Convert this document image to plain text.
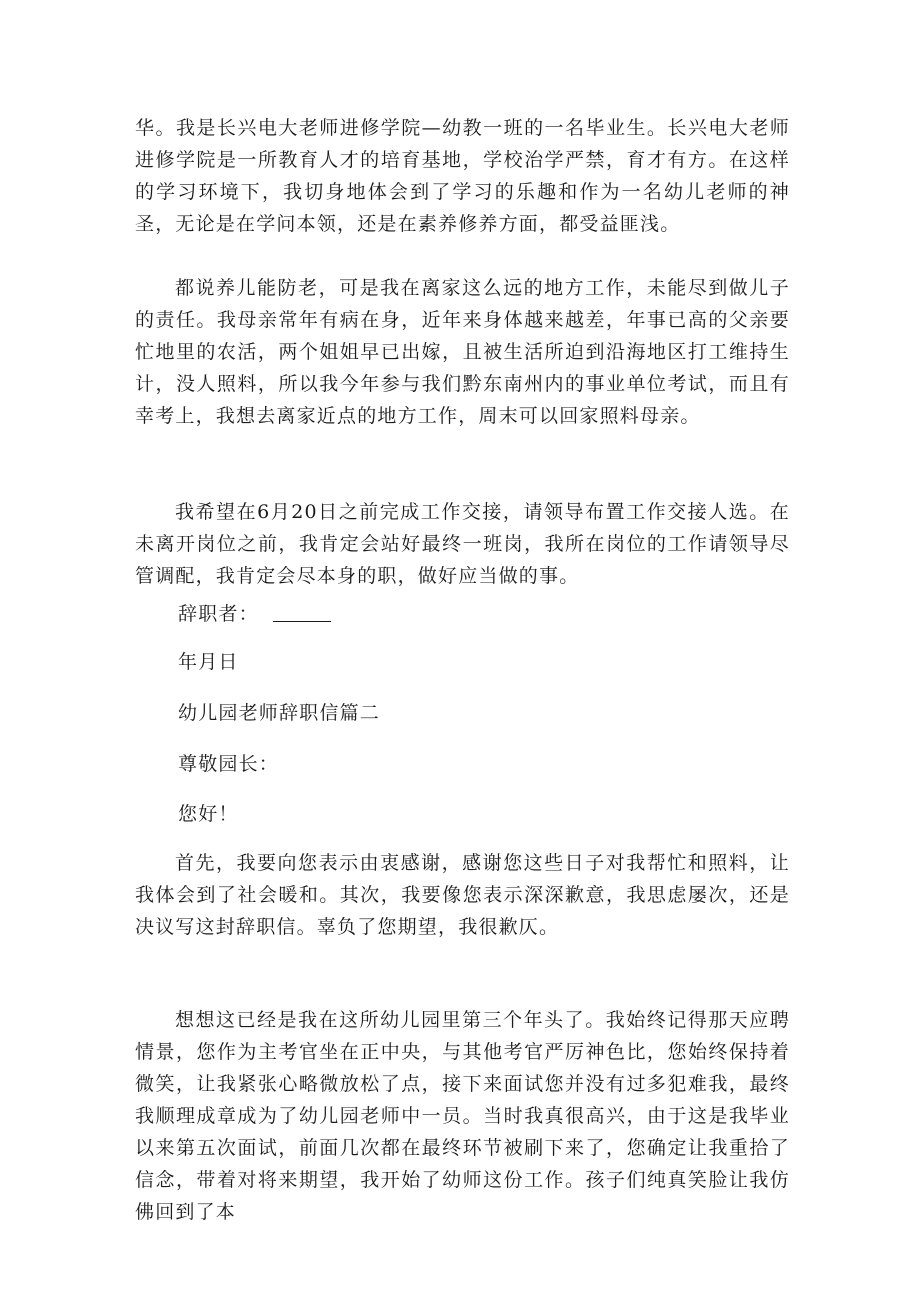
华。我是长兴电大老师进修学院—幼教一班的一名毕业生。长兴电大老师进修学院是一所教育人才的培育基地，学校治学严禁，育才有方。在这样的学习环境下，我切身地体会到了学习的乐趣和作为一名幼儿老师的神圣，无论是在学问本领，还是在素养修养方面，都受益匪浅。

都说养儿能防老，可是我在离家这么远的地方工作，未能尽到做儿子的责任。我母亲常年有病在身，近年来身体越来越差，年事已高的父亲要忙地里的农活，两个姐姐早已出嫁，且被生活所迫到沿海地区打工维持生计，没人照料，所以我今年参与我们黔东南州内的事业单位考试，而且有幸考上，我想去离家近点的地方工作，周末可以回家照料母亲。

我希望在6月20日之前完成工作交接，请领导布置工作交接人选。在未离开岗位之前，我肯定会站好最终一班岗，我所在岗位的工作请领导尽管调配，我肯定会尽本身的职，做好应当做的事。

辞职者：

年月日

幼儿园老师辞职信篇二

尊敬园长：

您好！

首先，我要向您表示由衷感谢，感谢您这些日子对我帮忙和照料，让我体会到了社会暖和。其次，我要像您表示深深歉意，我思虑屡次，还是决议写这封辞职信。辜负了您期望，我很歉仄。

想想这已经是我在这所幼儿园里第三个年头了。我始终记得那天应聘情景，您作为主考官坐在正中央，与其他考官严厉神色比，您始终保持着微笑，让我紧张心略微放松了点，接下来面试您并没有过多犯难我，最终我顺理成章成为了幼儿园老师中一员。当时我真很高兴，由于这是我毕业以来第五次面试，前面几次都在最终环节被刷下来了，您确定让我重拾了信念，带着对将来期望，我开始了幼师这份工作。孩子们纯真笑脸让我仿佛回到了本
